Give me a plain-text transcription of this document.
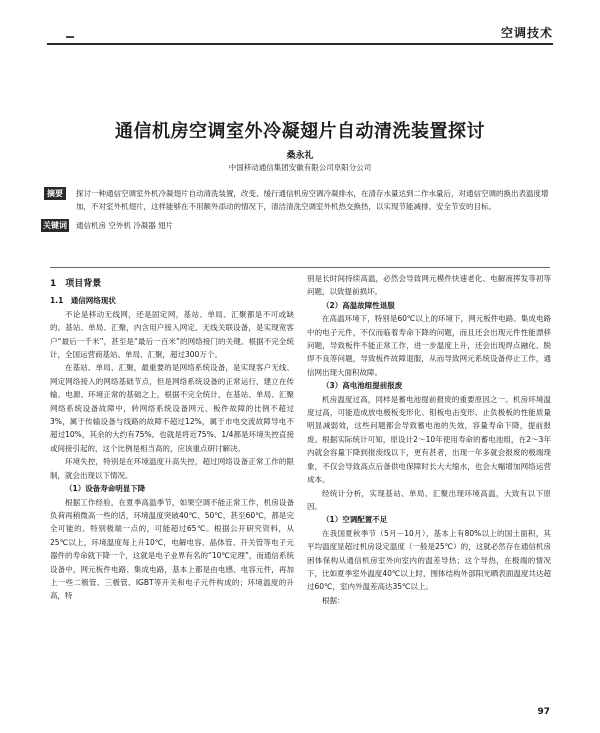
空调技术
通信机房空调室外冷凝翅片自动清洗装置探讨
桑永礼
中国移动通信集团安徽有限公司阜阳分公司
摘要	探讨一种通信空调室外机冷凝翅片自动清洗装置，改变、缓行通信机房空调冷凝排水，在清存水量达到二作水量后，对通信空调的换出表温度增加，不对室外机翅片，这样能够在不用额外添动的情况下，清洁清洗空调室外机热交换热，以实现节能减排、安全节安的目标。
关键词 通信机房 空外机 冷凝器 翅片
1　项目背景

1.1　通信网络现状

不论是移动无线网，还是固定网，基站、单局、汇聚都是不可或缺的。基站、单局、汇聚，内含用户接入网定、无线关联设备，是实现宽客户“最后一千米”，甚至是“最后一百米”的网络接门的关键。根据不完全统计，全国运营商基站、单局、汇聚，超过300万个。

在基站、单局、汇聚，最重要的是网络系统设备，是实现客户无线、网定网络接入的网络基础节点，但是网络系统设备的正常运行，建立在传输、电源、环境正常的基础之上，根据不完全统计，在基站、单局、汇聚网络系统设备故障中，转网络系统设备网元、板件故障的比例不超过3%，属于传输设备与线路的故障不超过12%，属于市电交流故障导电不超过10%，其余的大约有75%。也就是将近75%、1/4都是环境失控直接或间接引起的，这个比例是相当高的，应该重点研讨解决。

环境失控，特别是在环境温度升高失控，超过网络设备正常工作的限制，就会出现以下情况。

（1）设备寿命明显下降

根据工作经验，在夏季高温季节，如果空调不能正常工作，机房设备负荷再稍微高一些的话，环境温度突破40℃、50℃，甚至60℃，都是完全可能的。特别极端一点的，可能超过65℃。根据公开研究资料，从25℃以上，环境温度每上升10℃，电解电容、晶体管、开关管等电子元器件的寿命就下降一个，这就是电子业界有名的“10℃定理”，而通信系统设备中，网元板件电路、集成电路，基本上都是由电感、电容元件，再加上一些二极管、三极管、IGBT等开关和电子元件构成的；环境温度的升高，特

别是长时间持续高温，必然会导致网元模件快速老化、电解液挥发等初等问题，以致提前损坏。

（2）高温故障性退服

在高温环境下，特别是60℃以上的环境下，网元板件电路、集成电路中的电子元件，不仅而临着寿命下降的问题，而且还会出现元件性能漂移问题，导致板件不能正常工作，进一步温度上升，还会出现焊点融化、脱焊不良等问题，导致板件故障退服，从而导致网元系统设备停止工作，通信网出现大面积故障。

（3）高电池组提前报废

机房温度过高，同样是蓄电池提前报废的重要原因之一。机房环境温度过高，可能造成放电极板变形化、钼板电击变形、止负极板的性能质量明显减弱效，这些问题都会导致蓄电池的失效，容量寿命下降，提前报废。根据实际统计可知，原设计2～10年使用寿命的蓄电池组，在2～3年内就会容量下降到报废线以下，更有甚者，出现一年多就会报废的极端现象，不仅会导致高点后备供电保障时长大大缩水，也会大幅增加网络运营成本。

经统计分析，实现基站、单局、汇聚出现环境高温，大致有以下原因。

（1）空调配置不足

在我国夏秋季节（5月－10月），基本上有80%以上的国土面积，其平均温度显超过机房设定温度（一般是25℃）的，这就必然存在通信机房困体保构从通信机房室外向室内的温差导热；这个导热，在极端的情况下，比如夏季室外温度40℃以上时，围体结构外部阳光晒表面温度共达超过60℃，室内外温差高达35℃以上。

根据：

97
